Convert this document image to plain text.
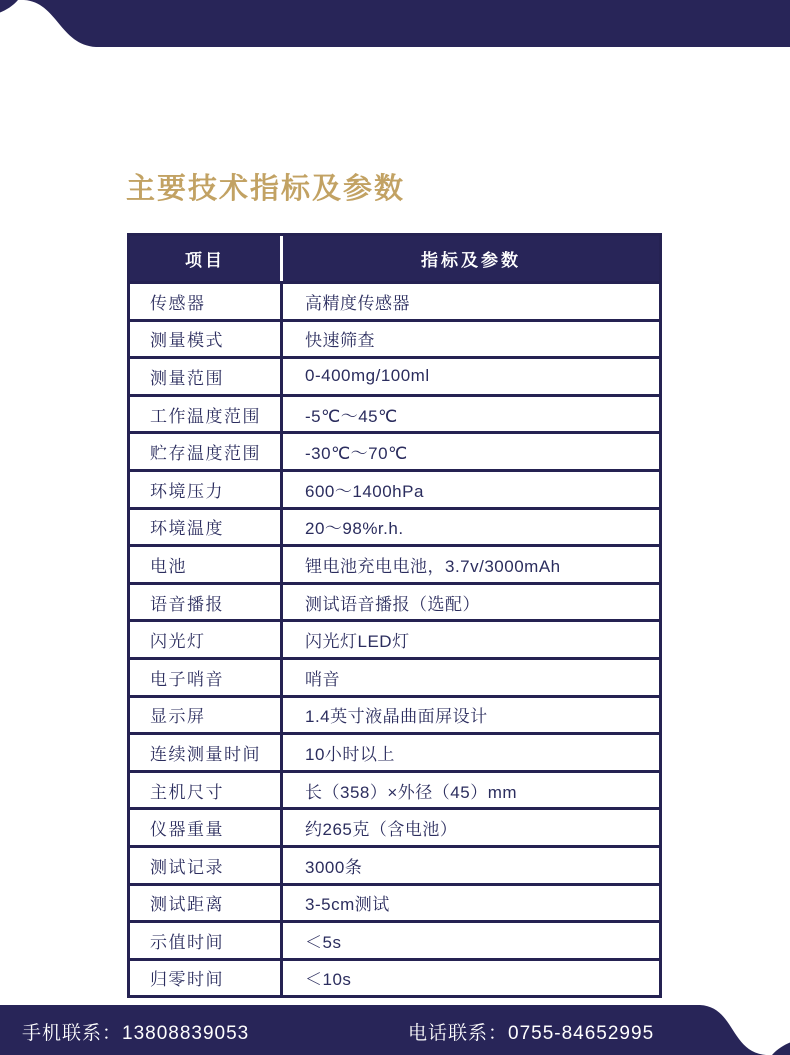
主要技术指标及参数
项目	指标及参数
传感器	高精度传感器
测量模式	快速筛查
测量范围	0-400mg/100ml
工作温度范围	-5℃～45℃
贮存温度范围	-30℃～70℃
环境压力	600～1400hPa
环境温度	20～98%r.h.
电池	锂电池充电电池，3.7v/3000mAh
语音播报	测试语音播报（选配）
闪光灯	闪光灯LED灯
电子哨音	哨音
显示屏	1.4英寸液晶曲面屏设计
连续测量时间	10小时以上
主机尺寸	长（358）×外径（45）mm
仪器重量	约265克（含电池）
测试记录	3000条
测试距离	3-5cm测试
示值时间	＜5s
归零时间	＜10s
手机联系：13808839053	电话联系：0755-84652995
